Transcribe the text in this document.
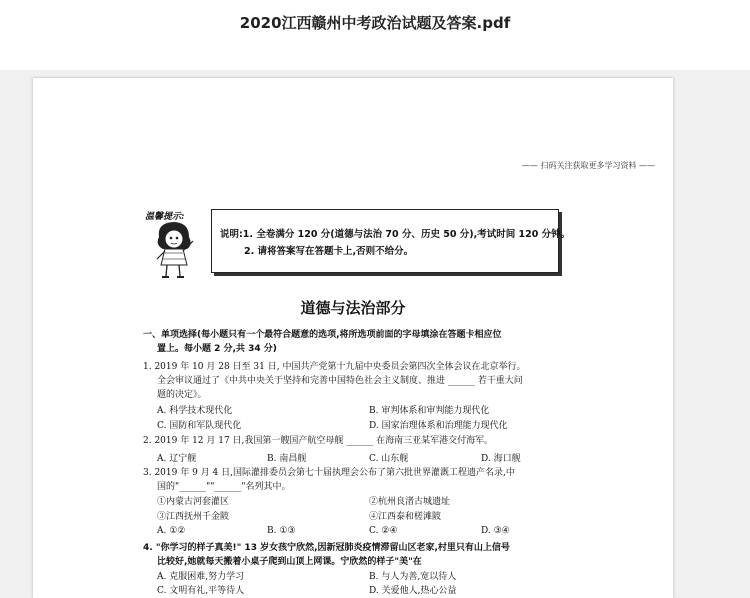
2020江西赣州中考政治试题及答案.pdf
—— 扫码关注获取更多学习资料 ——
温馨提示:
说明:1. 全卷满分 120 分(道德与法治 70 分、历史 50 分),考试时间 120 分钟。
2. 请将答案写在答题卡上,否则不给分。
道德与法治部分
一、单项选择(每小题只有一个最符合题意的选项,将所选项前面的字母填涂在答题卡相应位
置上。每小题 2 分,共 34 分)
1. 2019 年 10 月 28 日至 31 日, 中国共产党第十九届中央委员会第四次全体会议在北京举行。
全会审议通过了《中共中央关于坚持和完善中国特色社会主义制度、推进 ______ 若干重大问
题的决定》。
A. 科学技术现代化	B. 审判体系和审判能力现代化
C. 国防和军队现代化	D. 国家治理体系和治理能力现代化
2. 2019 年 12 月 17 日,我国第一艘国产航空母舰 ______ 在海南三亚某军港交付海军。
A. 辽宁舰	B. 南昌舰	C. 山东舰	D. 海口舰
3. 2019 年 9 月 4 日,国际灌排委员会第七十届执理会公布了第六批世界灌溉工程遗产名录,中
国的"______""______"名列其中。
①内蒙古河套灌区	②杭州良渚古城遗址
③江西抚州千金陂	④江西泰和槎滩陂
A. ①②	B. ①③	C. ②④	D. ③④
4. "你学习的样子真美!" 13 岁女孩宁欣然,因新冠肺炎疫情滞留山区老家,村里只有山上信号
比较好,她就每天搬着小桌子爬到山顶上网课。宁欣然的样子"美"在
A. 克服困难,努力学习	B. 与人为善,宽以待人
C. 文明有礼,平等待人	D. 关爱他人,热心公益
